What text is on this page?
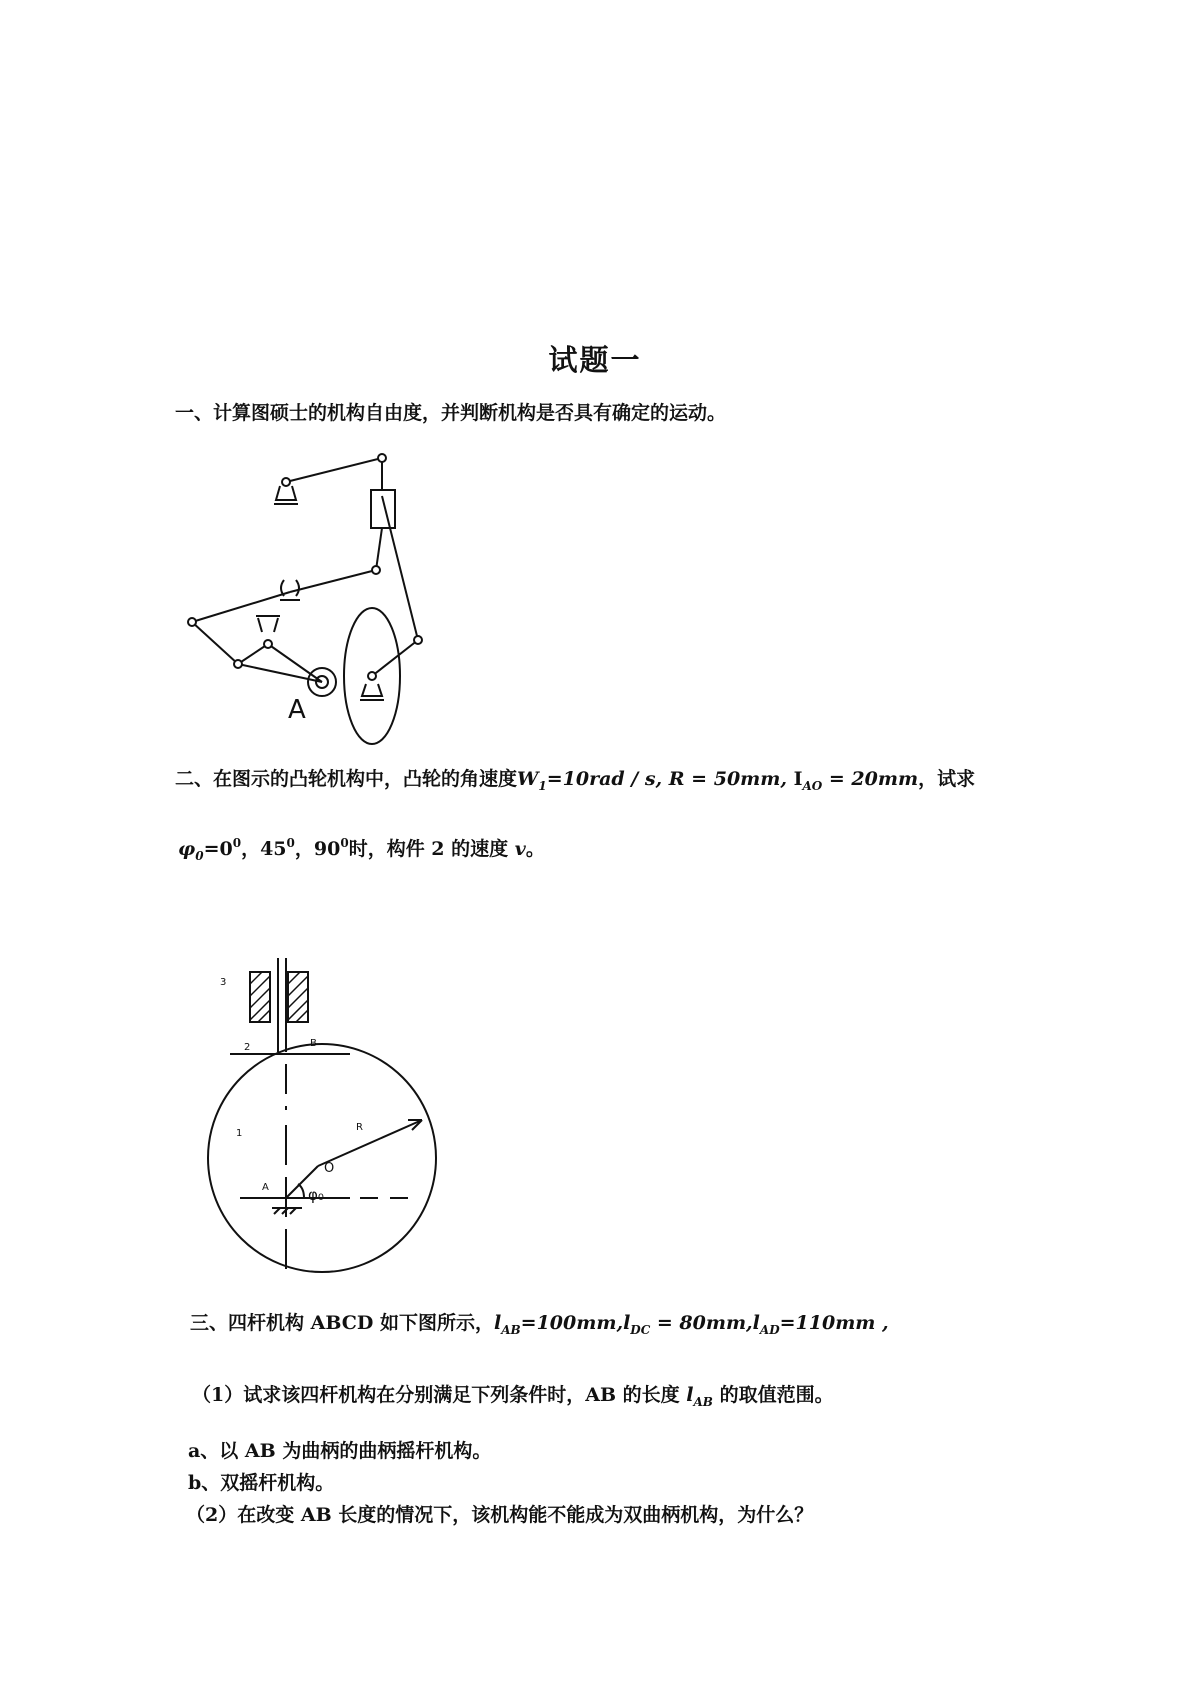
试题一
一、计算图硕士的机构自由度，并判断机构是否具有确定的运动。
A
3
2	B
1
R
O
A	φ₀
二、在图示的凸轮机构中，凸轮的角速度$W_1=10rad / s$, R = 50mm, $I_{AO} = 20mm$，试求
$\varphi_0=0^0$，$45^0$，$90^0$时，构件 2 的速度 v。
三、四杆机构 ABCD 如下图所示，$l_{AB}=100mm,l_{DC} = 80mm,l_{AD}=110mm$ ,
（1）试求该四杆机构在分别满足下列条件时，AB 的长度 $l_{AB}$ 的取值范围。
a、以 AB 为曲柄的曲柄摇杆机构。
b、双摇杆机构。
（2）在改变 AB 长度的情况下，该机构能不能成为双曲柄机构，为什么？
